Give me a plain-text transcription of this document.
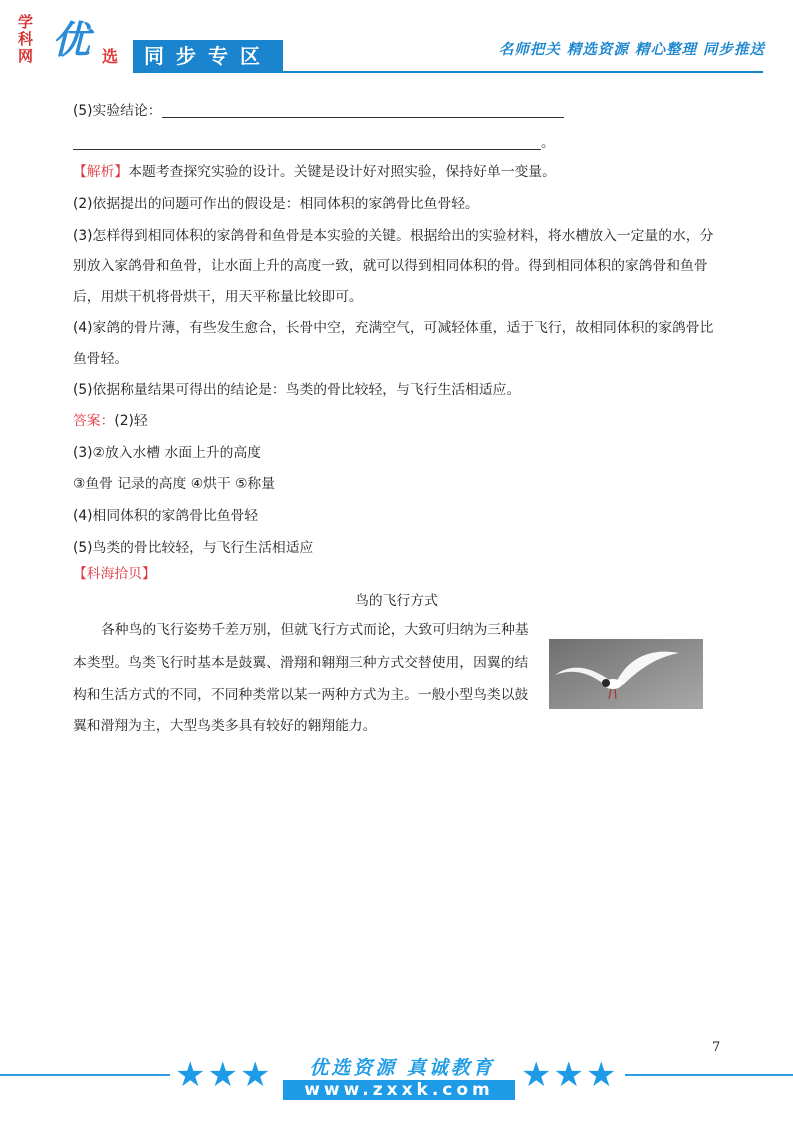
学科网 优 选	同步专区	名师把关 精选资源 精心整理 同步推送
(5)实验结论：
。
【解析】本题考查探究实验的设计。关键是设计好对照实验，保持好单一变量。
(2)依据提出的问题可作出的假设是：相同体积的家鸽骨比鱼骨轻。
(3)怎样得到相同体积的家鸽骨和鱼骨是本实验的关键。根据给出的实验材料，将水槽放入一定量的水，分
别放入家鸽骨和鱼骨，让水面上升的高度一致，就可以得到相同体积的骨。得到相同体积的家鸽骨和鱼骨
后，用烘干机将骨烘干，用天平称量比较即可。
(4)家鸽的骨片薄，有些发生愈合，长骨中空，充满空气，可减轻体重，适于飞行，故相同体积的家鸽骨比
鱼骨轻。
(5)依据称量结果可得出的结论是：鸟类的骨比较轻，与飞行生活相适应。
答案：(2)轻
(3)②放入水槽 水面上升的高度
③鱼骨 记录的高度 ④烘干 ⑤称量
(4)相同体积的家鸽骨比鱼骨轻
(5)鸟类的骨比较轻，与飞行生活相适应
【科海拾贝】
鸟的飞行方式
各种鸟的飞行姿势千差万别，但就飞行方式而论，大致可归纳为三种基
本类型。鸟类飞行时基本是鼓翼、滑翔和翱翔三种方式交替使用，因翼的结
构和生活方式的不同，不同种类常以某一两种方式为主。一般小型鸟类以鼓
翼和滑翔为主，大型鸟类多具有较好的翱翔能力。
7
★★★	★★★
优选资源 真诚教育
www.zxxk.com
